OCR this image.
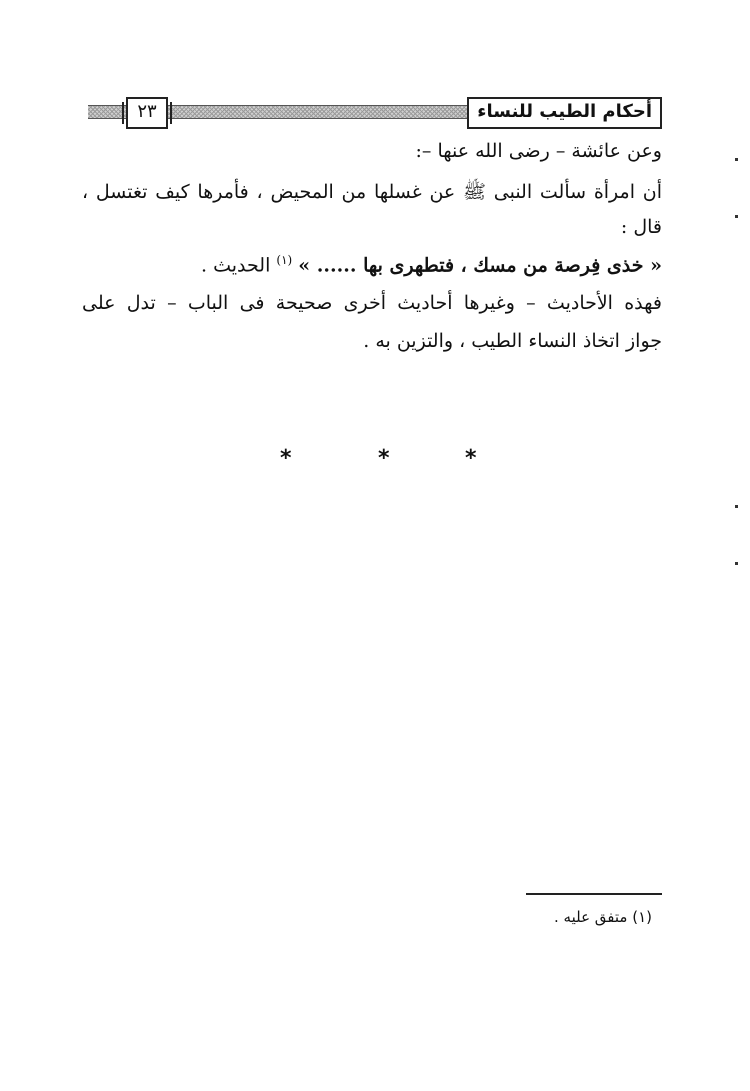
٢٣	أحكام الطيب للنساء
وعن عائشة – رضى الله عنها –:
أن امرأة سألت النبى ﷺ عن غسلها من المحيض ، فأمرها كيف تغتسل ،
قال :
« خذى فِرصة من مسك ، فتطهرى بها ...... » $^{(١)}$ الحديث .
فهذه الأحاديث – وغيرها أحاديث أخرى صحيحة فى الباب – تدل على
جواز اتخاذ النساء الطيب ، والتزين به .
*	*	*
(١) متفق عليه .
